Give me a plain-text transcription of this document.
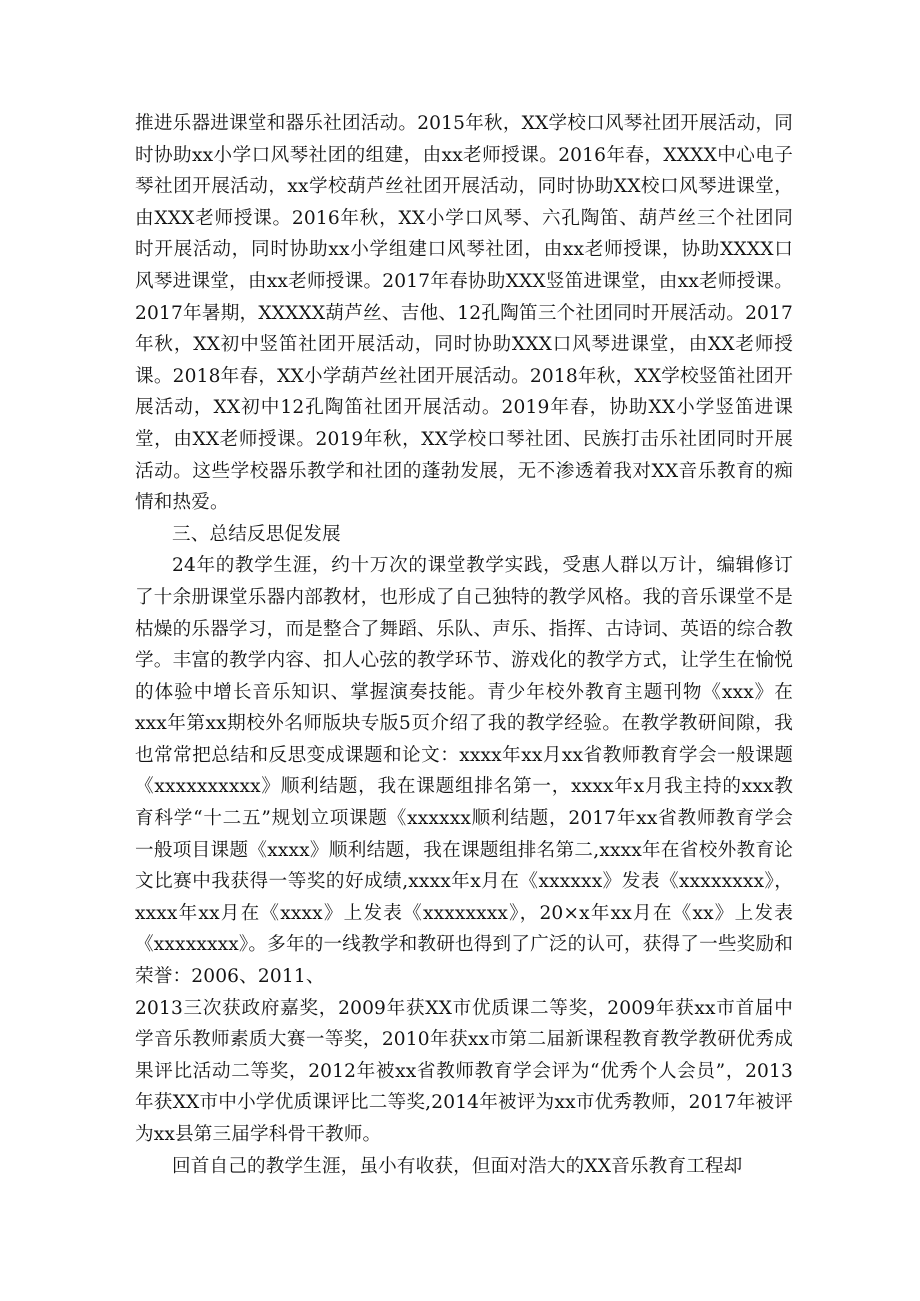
推进乐器进课堂和器乐社团活动。2015年秋，XX学校口风琴社团开展活动，同时协助xx小学口风琴社团的组建，由xx老师授课。2016年春，XXXX中心电子琴社团开展活动，xx学校葫芦丝社团开展活动，同时协助XX校口风琴进课堂，由XXX老师授课。2016年秋，XX小学口风琴、六孔陶笛、葫芦丝三个社团同时开展活动，同时协助xx小学组建口风琴社团，由xx老师授课，协助XXXX口风琴进课堂，由xx老师授课。2017年春协助XXX竖笛进课堂，由xx老师授课。2017年暑期，XXXXX葫芦丝、吉他、12孔陶笛三个社团同时开展活动。2017年秋，XX初中竖笛社团开展活动，同时协助XXX口风琴进课堂，由XX老师授课。2018年春，XX小学葫芦丝社团开展活动。2018年秋，XX学校竖笛社团开展活动，XX初中12孔陶笛社团开展活动。2019年春，协助XX小学竖笛进课堂，由XX老师授课。2019年秋，XX学校口琴社团、民族打击乐社团同时开展活动。这些学校器乐教学和社团的蓬勃发展，无不渗透着我对XX音乐教育的痴情和热爱。

三、总结反思促发展

24年的教学生涯，约十万次的课堂教学实践，受惠人群以万计，编辑修订了十余册课堂乐器内部教材，也形成了自己独特的教学风格。我的音乐课堂不是枯燥的乐器学习，而是整合了舞蹈、乐队、声乐、指挥、古诗词、英语的综合教学。丰富的教学内容、扣人心弦的教学环节、游戏化的教学方式，让学生在愉悦的体验中增长音乐知识、掌握演奏技能。青少年校外教育主题刊物《xxx》在xxx年第xx期校外名师版块专版5页介绍了我的教学经验。在教学教研间隙，我也常常把总结和反思变成课题和论文：xxxx年xx月xx省教师教育学会一般课题《xxxxxxxxxx》顺利结题，我在课题组排名第一，xxxx年x月我主持的xxx教育科学“十二五”规划立项课题《xxxxxx顺利结题，2017年xx省教师教育学会一般项目课题《xxxx》顺利结题，我在课题组排名第二,xxxx年在省校外教育论文比赛中我获得一等奖的好成绩,xxxx年x月在《xxxxxx》发表《xxxxxxxx》，xxxx年xx月在《xxxx》上发表《xxxxxxxx》，20×x年xx月在《xx》上发表《xxxxxxxx》。多年的一线教学和教研也得到了广泛的认可，获得了一些奖励和荣誉：2006、2011、

2013三次获政府嘉奖，2009年获XX市优质课二等奖，2009年获xx市首届中学音乐教师素质大赛一等奖，2010年获xx市第二届新课程教育教学教研优秀成果评比活动二等奖，2012年被xx省教师教育学会评为“优秀个人会员”，2013年获XX市中小学优质课评比二等奖,2014年被评为xx市优秀教师，2017年被评为xx县第三届学科骨干教师。

回首自己的教学生涯，虽小有收获，但面对浩大的XX音乐教育工程却
